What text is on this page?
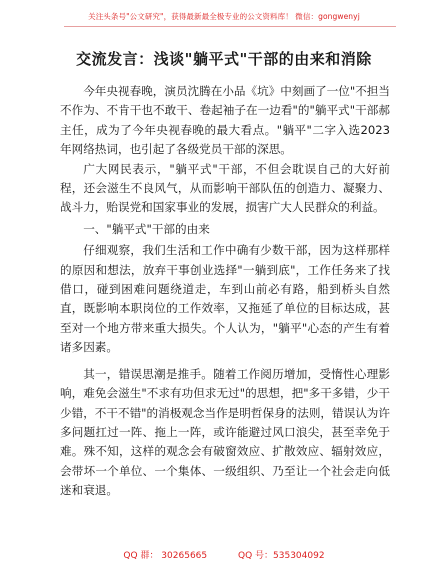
关注头条号"公文研究"，获得最新最全极专业的公文资料库！ 微信：gongwenyj
交流发言：浅谈"躺平式"干部的由来和消除

今年央视春晚，演员沈腾在小品《坑》中刻画了一位"不担当不作为、不肯干也不敢干、卷起袖子在一边看"的"躺平式"干部郝主任，成为了今年央视春晚的最大看点。"躺平"二字入选2023年网络热词，也引起了各级党员干部的深思。

广大网民表示，"躺平式"干部，不但会耽误自己的大好前程，还会滋生不良风气，从而影响干部队伍的创造力、凝聚力、战斗力，贻误党和国家事业的发展，损害广大人民群众的利益。

一、"躺平式"干部的由来

仔细观察，我们生活和工作中确有少数干部，因为这样那样的原因和想法，放弃干事创业选择"一躺到底"，工作任务来了找借口，碰到困难问题绕道走，车到山前必有路，船到桥头自然直，既影响本职岗位的工作效率，又拖延了单位的目标达成，甚至对一个地方带来重大损失。个人认为，"躺平"心态的产生有着诸多因素。

其一，错误思潮是推手。随着工作阅历增加，受惰性心理影响，难免会滋生"不求有功但求无过"的思想，把"多干多错，少干少错，不干不错"的消极观念当作是明哲保身的法则，错误认为许多问题扛过一阵、拖上一阵，或许能避过风口浪尖，甚至幸免于难。殊不知，这样的观念会有破窗效应、扩散效应、辐射效应，会带坏一个单位、一个集体、一级组织、乃至让一个社会走向低迷和衰退。

QQ 群： 30265665	QQ 号：535304092
